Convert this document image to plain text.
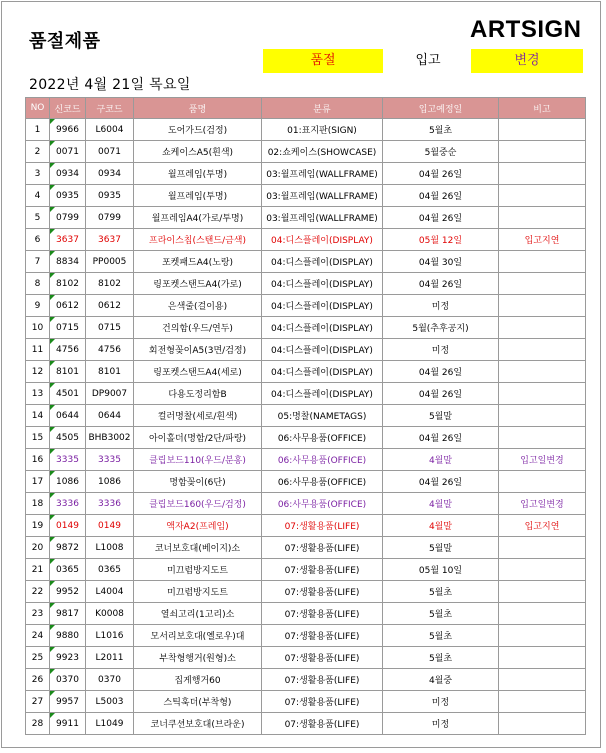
품절제품	ARTSIGN
품절	입고	변경
2022년 4월 21일 목요일
NO	신코드	구코드	품명	분류	입고예정일	비고
1	9966	L6004	도어가드(검정)	01:표지판(SIGN)	5월초	
2	0071	0071	쇼케이스A5(흰색)	02:쇼케이스(SHOWCASE)	5월중순	
3	0934	0934	월프레임(투명)	03:월프레임(WALLFRAME)	04월 26일	
4	0935	0935	월프레임(투명)	03:월프레임(WALLFRAME)	04월 26일	
5	0799	0799	월프레임A4(가로/투명)	03:월프레임(WALLFRAME)	04월 26일	
6	3637	3637	프라이스칩(스탠드/금색)	04:디스플레이(DISPLAY)	05월 12일	입고지연
7	8834	PP0005	포켓패드A4(노랑)	04:디스플레이(DISPLAY)	04월 30일	
8	8102	8102	링포켓스탠드A4(가로)	04:디스플레이(DISPLAY)	04월 26일	
9	0612	0612	은색줄(걸이용)	04:디스플레이(DISPLAY)	미정	
10	0715	0715	건의함(우드/연두)	04:디스플레이(DISPLAY)	5월(추후공지)	
11	4756	4756	회전형꽂이A5(3면/검정)	04:디스플레이(DISPLAY)	미정	
12	8101	8101	링포켓스탠드A4(세로)	04:디스플레이(DISPLAY)	04월 26일	
13	4501	DP9007	다용도정리함B	04:디스플레이(DISPLAY)	04월 26일	
14	0644	0644	컬러명찰(세로/흰색)	05:명찰(NAMETAGS)	5월말	
15	4505	BHB3002	아이홀더(명함/2단/파랑)	06:사무용품(OFFICE)	04월 26일	
16	3335	3335	클립보드110(우드/분홍)	06:사무용품(OFFICE)	4월말	입고일변경
17	1086	1086	명함꽂이(6단)	06:사무용품(OFFICE)	04월 26일	
18	3336	3336	클립보드160(우드/검정)	06:사무용품(OFFICE)	4월말	입고일변경
19	0149	0149	액자A2(프레임)	07:생활용품(LIFE)	4월말	입고지연
20	9872	L1008	코너보호대(베이지)소	07:생활용품(LIFE)	5월말	
21	0365	0365	미끄럼방지도트	07:생활용품(LIFE)	05월 10일	
22	9952	L4004	미끄럼방지도트	07:생활용품(LIFE)	5월초	
23	9817	K0008	열쇠고리(1고리)소	07:생활용품(LIFE)	5월초	
24	9880	L1016	모서리보호대(옐로우)대	07:생활용품(LIFE)	5월초	
25	9923	L2011	부착형행거(원형)소	07:생활용품(LIFE)	5월초	
26	0370	0370	집게행거60	07:생활용품(LIFE)	4월중	
27	9957	L5003	스틱훅더(부착형)	07:생활용품(LIFE)	미정	
28	9911	L1049	코너쿠션보호대(브라운)	07:생활용품(LIFE)	미정	
